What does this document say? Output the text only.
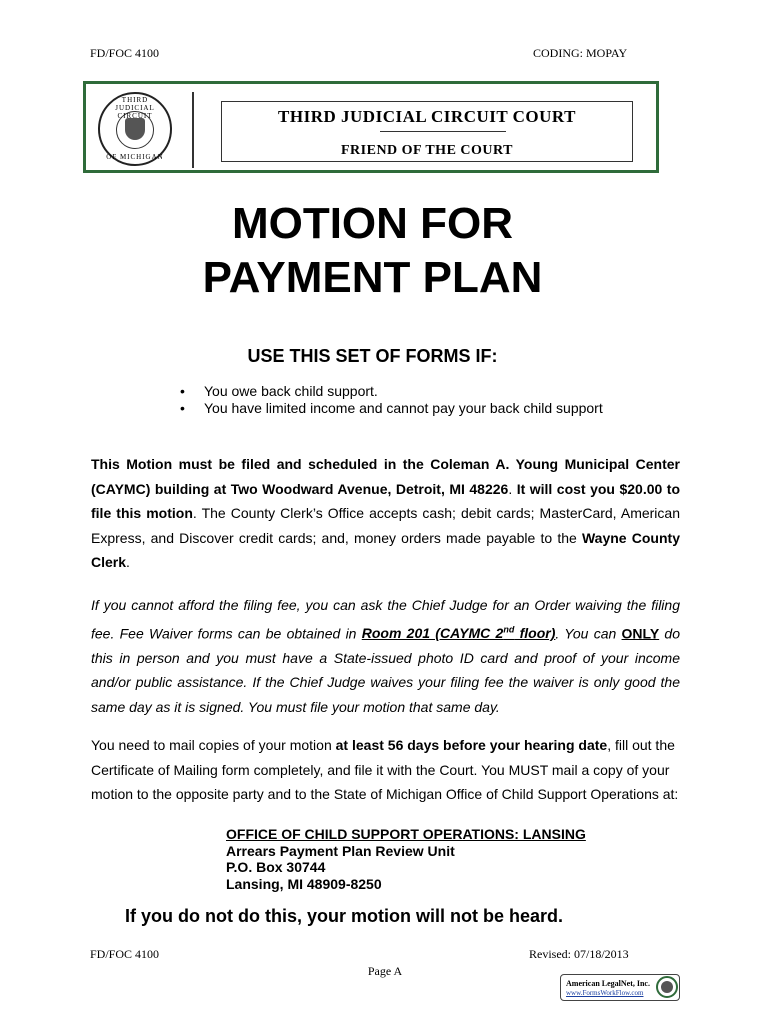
FD/FOC 4100	CODING: MOPAY
THIRD JUDICIAL CIRCUIT
OF MICHIGAN
THIRD JUDICIAL CIRCUIT COURT
FRIEND OF THE COURT
MOTION FOR
PAYMENT PLAN
USE THIS SET OF FORMS IF:
• You owe back child support.
• You have limited income and cannot pay your back child support

This Motion must be filed and scheduled in the Coleman A. Young Municipal Center (CAYMC) building at Two Woodward Avenue, Detroit, MI 48226. It will cost you $20.00 to file this motion. The County Clerk’s Office accepts cash; debit cards; MasterCard, American Express, and Discover credit cards; and, money orders made payable to the Wayne County Clerk.

If you cannot afford the filing fee, you can ask the Chief Judge for an Order waiving the filing fee. Fee Waiver forms can be obtained in Room 201 (CAYMC 2nd floor). You can ONLY do this in person and you must have a State-issued photo ID card and proof of your income and/or public assistance. If the Chief Judge waives your filing fee the waiver is only good the same day as it is signed. You must file your motion that same day.

You need to mail copies of your motion at least 56 days before your hearing date, fill out the Certificate of Mailing form completely, and file it with the Court. You MUST mail a copy of your motion to the opposite party and to the State of Michigan Office of Child Support Operations at:

OFFICE OF CHILD SUPPORT OPERATIONS: LANSING
Arrears Payment Plan Review Unit
P.O. Box 30744
Lansing, MI 48909-8250
If you do not do this, your motion will not be heard.
FD/FOC 4100	Revised: 07/18/2013
Page A
American LegalNet, Inc.
www.FormsWorkFlow.com
